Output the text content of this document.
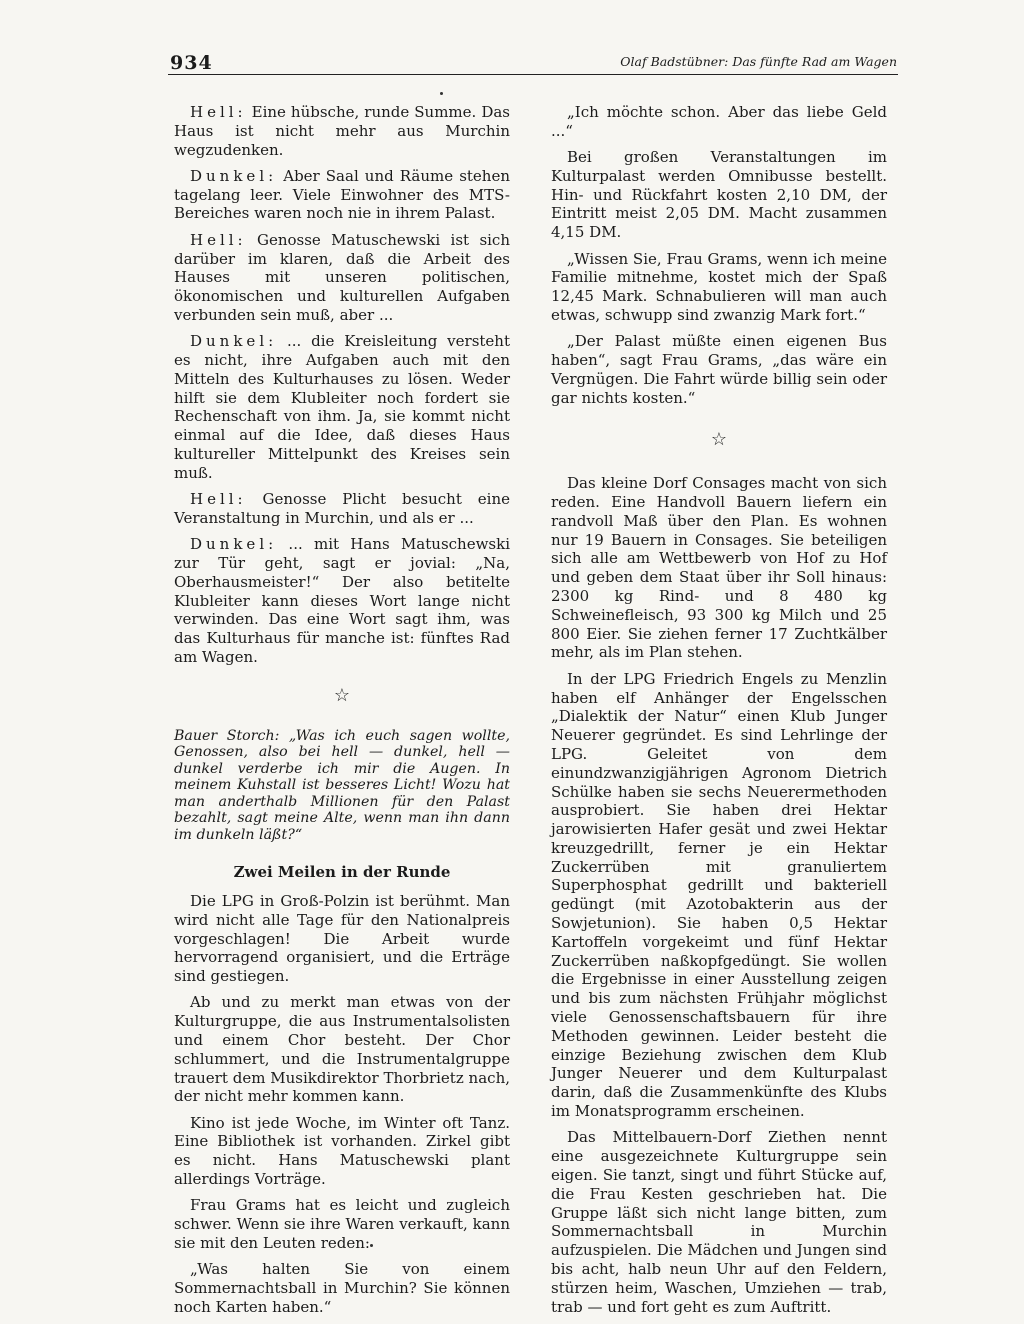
934	Olaf Badstübner: Das fünfte Rad am Wagen

Hell: Eine hübsche, runde Summe. Das Haus ist nicht mehr aus Murchin wegzudenken.

Dunkel: Aber Saal und Räume stehen tagelang leer. Viele Einwohner des MTS-Bereiches waren noch nie in ihrem Palast.

Hell: Genosse Matuschewski ist sich darüber im klaren, daß die Arbeit des Hauses mit unseren politischen, ökonomischen und kulturellen Aufgaben verbunden sein muß, aber ...

Dunkel: ... die Kreisleitung versteht es nicht, ihre Aufgaben auch mit den Mitteln des Kulturhauses zu lösen. Weder hilft sie dem Klubleiter noch fordert sie Rechenschaft von ihm. Ja, sie kommt nicht einmal auf die Idee, daß dieses Haus kultureller Mittelpunkt des Kreises sein muß.

Hell: Genosse Plicht besucht eine Veranstaltung in Murchin, und als er ...

Dunkel: ... mit Hans Matuschewski zur Tür geht, sagt er jovial: „Na, Oberhausmeister!“ Der also betitelte Klubleiter kann dieses Wort lange nicht verwinden. Das eine Wort sagt ihm, was das Kulturhaus für manche ist: fünftes Rad am Wagen.

☆

Bauer Storch: „Was ich euch sagen wollte, Genossen, also bei hell — dunkel, hell — dunkel verderbe ich mir die Augen. In meinem Kuhstall ist besseres Licht! Wozu hat man anderthalb Millionen für den Palast bezahlt, sagt meine Alte, wenn man ihn dann im dunkeln läßt?“

Zwei Meilen in der Runde

Die LPG in Groß-Polzin ist berühmt. Man wird nicht alle Tage für den Nationalpreis vorgeschlagen! Die Arbeit wurde hervorragend organisiert, und die Erträge sind gestiegen.

Ab und zu merkt man etwas von der Kulturgruppe, die aus Instrumentalsolisten und einem Chor besteht. Der Chor schlummert, und die Instrumentalgruppe trauert dem Musikdirektor Thorbrietz nach, der nicht mehr kommen kann.

Kino ist jede Woche, im Winter oft Tanz. Eine Bibliothek ist vorhanden. Zirkel gibt es nicht. Hans Matuschewski plant allerdings Vorträge.

Frau Grams hat es leicht und zugleich schwer. Wenn sie ihre Waren verkauft, kann sie mit den Leuten reden:

„Was halten Sie von einem Sommernachtsball in Murchin? Sie können noch Karten haben.“

„Ich möchte schon. Aber das liebe Geld ...“

Bei großen Veranstaltungen im Kulturpalast werden Omnibusse bestellt. Hin- und Rückfahrt kosten 2,10 DM, der Eintritt meist 2,05 DM. Macht zusammen 4,15 DM.

„Wissen Sie, Frau Grams, wenn ich meine Familie mitnehme, kostet mich der Spaß 12,45 Mark. Schnabulieren will man auch etwas, schwupp sind zwanzig Mark fort.“

„Der Palast müßte einen eigenen Bus haben“, sagt Frau Grams, „das wäre ein Vergnügen. Die Fahrt würde billig sein oder gar nichts kosten.“

☆

Das kleine Dorf Consages macht von sich reden. Eine Handvoll Bauern liefern ein randvoll Maß über den Plan. Es wohnen nur 19 Bauern in Consages. Sie beteiligen sich alle am Wettbewerb von Hof zu Hof und geben dem Staat über ihr Soll hinaus: 2300 kg Rind- und 8 480 kg Schweinefleisch, 93 300 kg Milch und 25 800 Eier. Sie ziehen ferner 17 Zuchtkälber mehr, als im Plan stehen.

In der LPG Friedrich Engels zu Menzlin haben elf Anhänger der Engelsschen „Dialektik der Natur“ einen Klub Junger Neuerer gegründet. Es sind Lehrlinge der LPG. Geleitet von dem einundzwanzigjährigen Agronom Dietrich Schülke haben sie sechs Neuerermethoden ausprobiert. Sie haben drei Hektar jarowisierten Hafer gesät und zwei Hektar kreuzgedrillt, ferner je ein Hektar Zuckerrüben mit granuliertem Superphosphat gedrillt und bakteriell gedüngt (mit Azotobakterin aus der Sowjetunion). Sie haben 0,5 Hektar Kartoffeln vorgekeimt und fünf Hektar Zuckerrüben naßkopfgedüngt. Sie wollen die Ergebnisse in einer Ausstellung zeigen und bis zum nächsten Frühjahr möglichst viele Genossenschaftsbauern für ihre Methoden gewinnen. Leider besteht die einzige Beziehung zwischen dem Klub Junger Neuerer und dem Kulturpalast darin, daß die Zusammenkünfte des Klubs im Monatsprogramm erscheinen.

Das Mittelbauern-Dorf Ziethen nennt eine ausgezeichnete Kulturgruppe sein eigen. Sie tanzt, singt und führt Stücke auf, die Frau Kesten geschrieben hat. Die Gruppe läßt sich nicht lange bitten, zum Sommernachtsball in Murchin aufzuspielen. Die Mädchen und Jungen sind bis acht, halb neun Uhr auf den Feldern, stürzen heim, Waschen, Umziehen — trab, trab — und fort geht es zum Auftritt.
